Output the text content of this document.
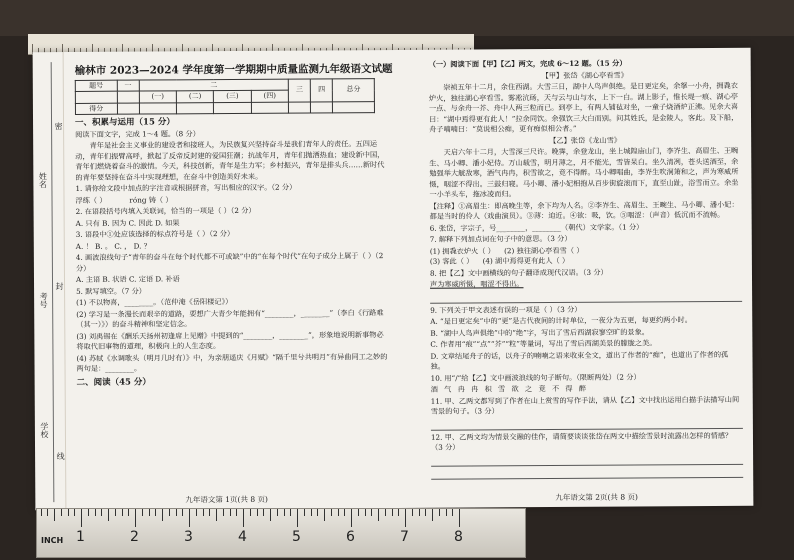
姓名
考号
学校
密
封
线
榆林市 2023—2024 学年度第一学期期中质量监测九年级语文试题
题号	一	二				三	四	总分
		(一)	(二)	(三)	(四)			
得分								
一、积累与运用（15 分）
阅读下面文字，完成 1～4 题。（8 分）

青年是社会主义事业的建设者和接班人，为民族复兴坚持奋斗是我们青年人的责任。五四运动，青年们振臂高呼，掀起了反帝反封建的爱国狂潮；抗战年月，青年们抛洒热血；建设新中国，青年们燃烧着奋斗的激情。今天，科技创新，青年是生力军；乡村振兴，青年是排头兵……新时代的青年要坚持在奋斗中实现理想，在奋斗中创造美好未来。

1. 请你给文段中加点的字注音或根据拼音，写出相应的汉字。（2 分）
浮练（ ）	róng 铸（ ）
2. 在语段括号内填入关联词，恰当的一项是（ ）（2 分）
A. 只有 B. 因为 C. 因此 D. 如果
3. 语段中①处应该选择的标点符号是（ ）（2 分）
A. ！ B. 。 C. ， D. ？
4. 画波浪线句子“青年的奋斗在每个时代都不可或缺”中的“在每个时代”在句子成分上属于（ ）（2 分）
A. 主语 B. 状语 C. 定语 D. 补语
5. 默写填空。（7 分）
(1) 不以物喜，________。（范仲淹《岳阳楼记》）
(2) 学习是一条漫长而艰辛的道路，要想广大青少年能拥有“________，________”（李白《行路难（其一）》）的奋斗精神和坚定信念。
(3) 刘禹锡在《酬乐天扬州初逢席上见赠》中提到的“________，________”，形象地说明新事物必将取代旧事物的道理，积极向上的人生态度。
(4) 苏轼《水调歌头（明月几时有）》中，为亲朋遥庆《月赋》“隔千里兮共明月”有异曲同工之妙的两句是：________。
二、阅读（45 分）
九年语文第 1页(共 8 页)
（一）阅读下面【甲】【乙】两文，完成 6～12 题。（15 分）
【甲】张岱《湖心亭看雪》

崇祯五年十二月，余住西湖。大雪三日，湖中人鸟声俱绝。是日更定矣，余拏一小舟，拥毳衣炉火，独往湖心亭看雪。雾凇沆砀，天与云与山与水，上下一白。湖上影子，惟长堤一痕、湖心亭一点、与余舟一芥、舟中人两三粒而已。到亭上，有两人铺毡对坐，一童子烧酒炉正沸。见余大喜曰：“湖中焉得更有此人！”拉余同饮。余强饮三大白而别。问其姓氏，是金陵人，客此。及下船，舟子喃喃曰：“莫说相公痴，更有痴似相公者。”

【乙】张岱《龙山雪》

天启六年十二月，大雪深三尺许。晚霁，余登龙山，坐上城隍庙山门，李岕生、高眉生、王畹生、马小卿、潘小妃侍。万山载雪，明月薄之，月不能光，雪皆呆白。坐久清冽，苍头送酒至，余勉强举大觥敌寒，酒气冉冉，积雪欲之，竟不得醉。马小卿唱曲，李岕生吹洞箫和之，声为寒威所慑，咽涩不得出。三鼓归寝。马小卿、潘小妃相抱从百步街旋滚而下，直至山趾，浴雪而立。余坐一小羊头车，拖冰凌而归。

【注释】①高眉生：即高晚生等，余下均为人名。②李岕生、高眉生、王畹生、马小卿、潘小妃：都是当时的伶人（戏曲演员）。③薄：迫近。④欲：吸，饮。⑤咽涩：（声音）低沉而不流畅。
6. 张岱，字宗子，号________，________（朝代）文学家。（1 分）
7. 解释下列加点词在句子中的意思。（3 分）
(1) 拥毳衣炉火（ ） (2) 独往湖心亭看雪（ ）
(3) 客此（ ） (4) 湖中焉得更有此人（ ）
8. 把【乙】文中画横线的句子翻译成现代汉语。（3 分）
声为寒威所慑，咽涩不得出。
9. 下列关于甲文表述有误的一项是（ ）（3 分）
A. “是日更定矣”中的“更”是古代夜间的计时单位，一夜分为五更，每更约两小时。
B. “湖中人鸟声俱绝”中的“绝”字，写出了雪后西湖寂寥空旷的景象。
C. 作者用“痕”“点”“芥”“粒”等量词，写出了雪后西湖美景的朦胧之美。
D. 文章结尾舟子的话，以舟子的喃喃之语来收束全文，道出了作者的“痴”，也道出了作者的孤独。
10. 用“/”给【乙】文中画波浪线的句子断句。（限断两处）（2 分）
酒 气 冉 冉 积 雪 欲 之 竟 不 得 醉
11. 甲、乙两文都写到了作者在山上赏雪的写作手法，请从【乙】文中找出运用白描手法描写山间雪景的句子。（3 分）
12. 甲、乙两文均为情景交融的佳作，请简要谈谈张岱在两文中描绘雪景时流露出怎样的情感？（3 分）
九年语文第 2页(共 8 页)
INCH 1	2	3	4	5	6	7	8
